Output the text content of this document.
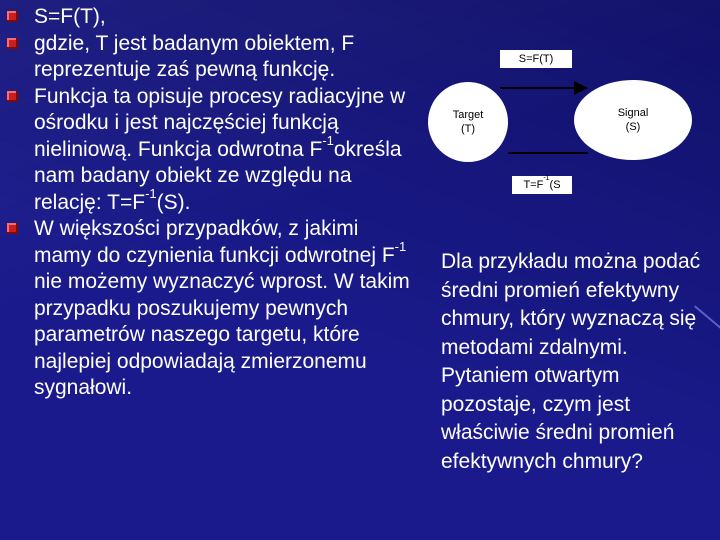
S=F(T),
gdzie, T jest badanym obiektem, F reprezentuje zaś pewną funkcję.
Funkcja ta opisuje procesy radiacyjne w ośrodku i jest najczęściej funkcją nieliniową. Funkcja odwrotna $F^{-1}określa$ nam badany obiekt ze względu na relację: $T=F^{-1}(S)$.
W większości przypadków, z jakimi mamy do czynienia funkcji odwrotnej $F^{-1}$ nie możemy wyznaczyć wprost. W takim przypadku poszukujemy pewnych parametrów naszego targetu, które najlepiej odpowiadają zmierzonemu sygnałowi.
S=F(T)
Target
(T)
Signal
(S)
$T=F^{-1}(S$
Dla przykładu można podać średni promień efektywny chmury, który wyznaczą się metodami zdalnymi. Pytaniem otwartym pozostaje, czym jest właściwie średni promień efektywnych chmury?
